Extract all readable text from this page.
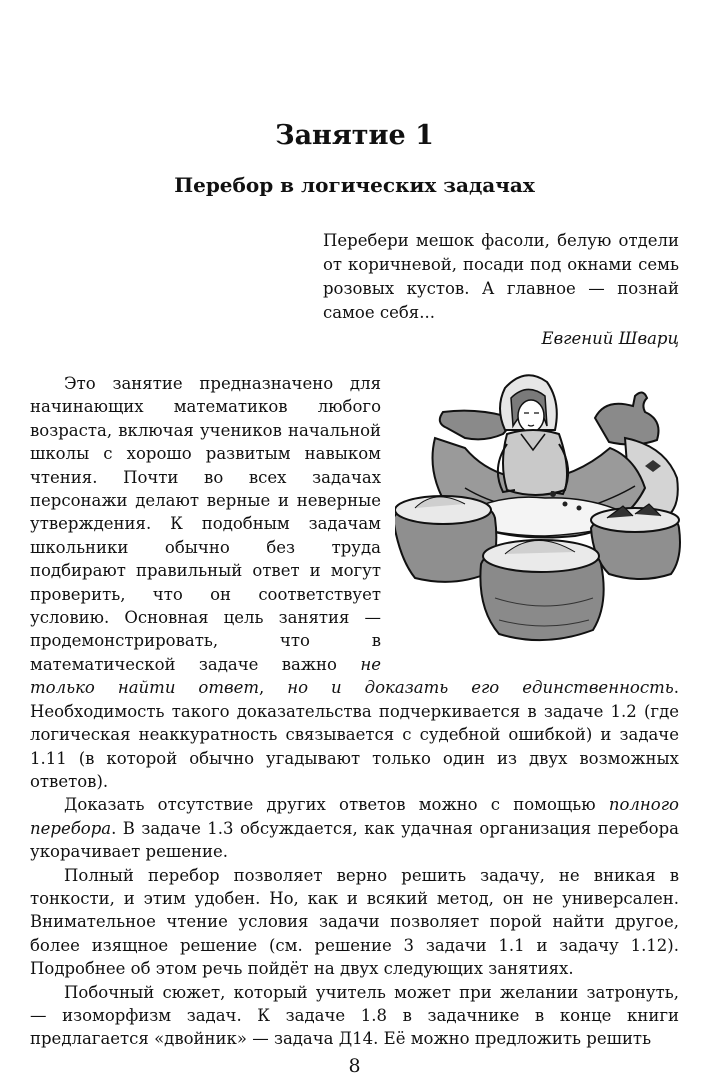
Занятие 1
Перебор в логических задачах
Перебери мешок фасоли, белую отдели от коричневой, посади под окнами семь розовых кустов. А главное — познай самое себя...
Евгений Шварц

Это занятие предназначено для начинающих математиков любого возраста, включая учеников начальной школы с хорошо развитым навыком чтения. Почти во всех задачах персонажи делают верные и неверные утверждения. К подобным задачам школьники обычно без труда подбирают правильный ответ и могут проверить, что он соответствует условию. Основная цель занятия — продемонстрировать, что в математической задаче важно не только найти ответ, но и доказать его единственность. Необходимость такого доказательства подчеркивается в задаче 1.2 (где логическая неаккуратность связывается с судебной ошибкой) и задаче 1.11 (в которой обычно угадывают только один из двух возможных ответов).

Доказать отсутствие других ответов можно с помощью полного перебора. В задаче 1.3 обсуждается, как удачная организация перебора укорачивает решение.

Полный перебор позволяет верно решить задачу, не вникая в тонкости, и этим удобен. Но, как и всякий метод, он не универсален. Внимательное чтение условия задачи позволяет порой найти другое, более изящное решение (см. решение 3 задачи 1.1 и задачу 1.12). Подробнее об этом речь пойдёт на двух следующих занятиях.

Побочный сюжет, который учитель может при желании затронуть, — изоморфизм задач. К задаче 1.8 в задачнике в конце книги предлагается «двойник» — задача Д14. Её можно предложить решить

8
